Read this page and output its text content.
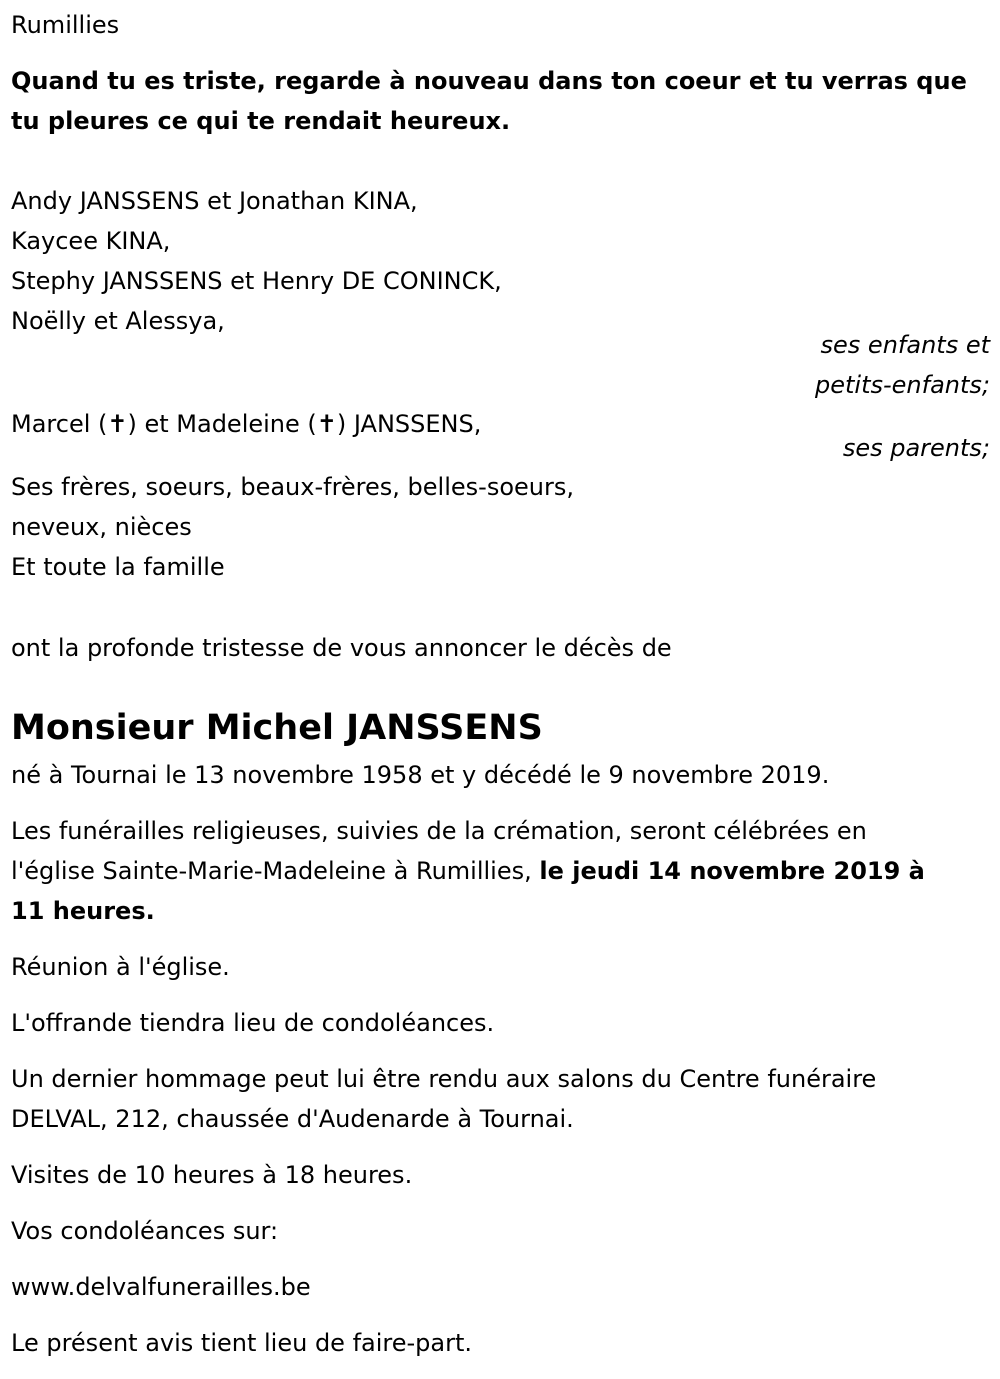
Rumillies
Quand tu es triste, regarde à nouveau dans ton coeur et tu verras que
tu pleures ce qui te rendait heureux.
Andy JANSSENS et Jonathan KINA,
Kaycee KINA,
Stephy JANSSENS et Henry DE CONINCK,
Noëlly et Alessya,
ses enfants et
petits-enfants;
Marcel (✝) et Madeleine (✝) JANSSENS,
ses parents;
Ses frères, soeurs, beaux-frères, belles-soeurs,
neveux, nièces
Et toute la famille
ont la profonde tristesse de vous annoncer le décès de
Monsieur Michel JANSSENS
né à Tournai le 13 novembre 1958 et y décédé le 9 novembre 2019.
Les funérailles religieuses, suivies de la crémation, seront célébrées en
l'église Sainte-Marie-Madeleine à Rumillies, le jeudi 14 novembre 2019 à
11 heures.
Réunion à l'église.
L'offrande tiendra lieu de condoléances.
Un dernier hommage peut lui être rendu aux salons du Centre funéraire
DELVAL, 212, chaussée d'Audenarde à Tournai.
Visites de 10 heures à 18 heures.
Vos condoléances sur:
www.delvalfunerailles.be
Le présent avis tient lieu de faire-part.
